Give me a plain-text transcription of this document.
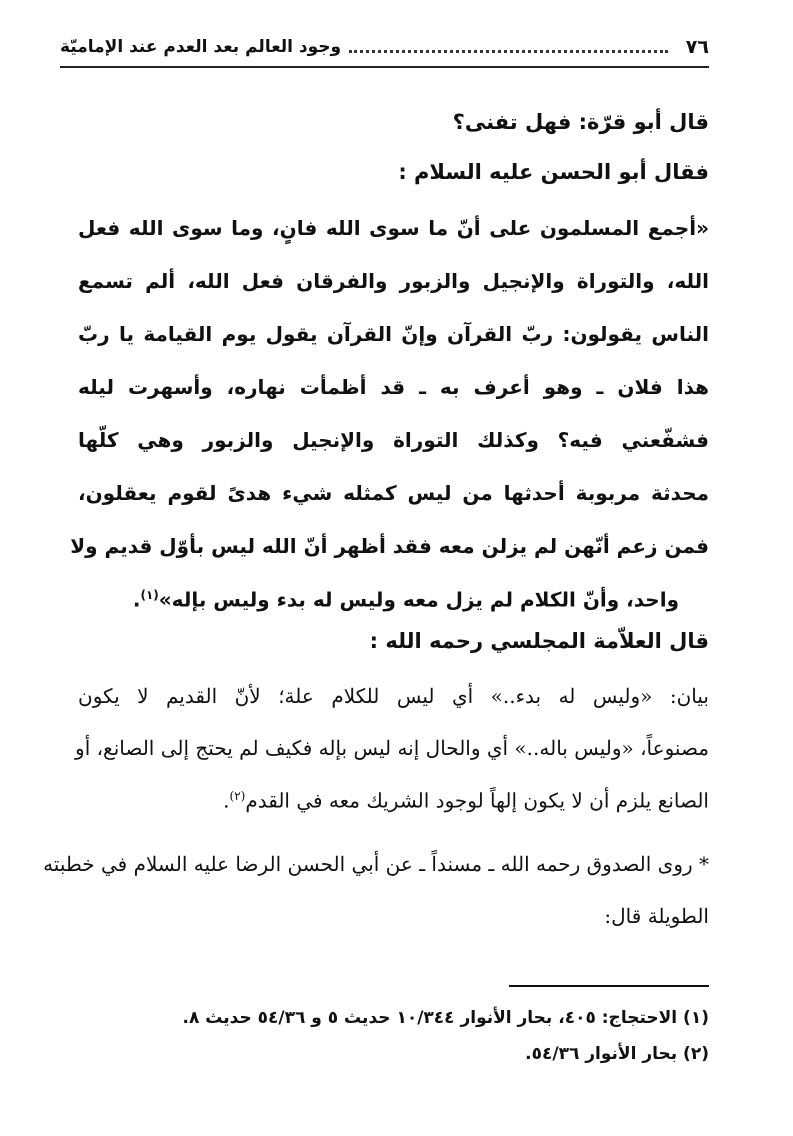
٧٦
وجود العالم بعد العدم عند الإماميّة
قال أبو قرّة: فهل تفنى؟
فقال أبو الحسن عليه السلام :
«أجمع المسلمون على أنّ ما سوى الله فانٍ، وما سوى الله فعل
الله، والتوراة والإنجيل والزبور والفرقان فعل الله، ألم تسمع
الناس يقولون: ربّ القرآن وإنّ القرآن يقول يوم القيامة يا ربّ
هذا فلان ـ وهو أعرف به ـ قد أظمأت نهاره، وأسهرت ليله
فشفّعني فيه؟ وكذلك التوراة والإنجيل والزبور وهي كلّها
محدثة مربوبة أحدثها من ليس كمثله شيء هدىً لقوم يعقلون،
فمن زعم أنّهن لم يزلن معه فقد أظهر أنّ الله ليس بأوّل قديم ولا
واحد، وأنّ الكلام لم يزل معه وليس له بدء وليس بإله»$^{(١)}$.
قال العلاّمة المجلسي رحمه الله :
بيان: «وليس له بدء..» أي ليس للكلام علة؛ لأنّ القديم لا يكون
مصنوعاً، «وليس باله..» أي والحال إنه ليس بإله فكيف لم يحتج إلى الصانع، أو
الصانع يلزم أن لا يكون إلهاً لوجود الشريك معه في القدم$^{(٢)}$.
* روى الصدوق رحمه الله ـ مسنداً ـ عن أبي الحسن الرضا عليه السلام في خطبته
الطويلة قال:
(١) الاحتجاج: ٤٠٥، بحار الأنوار ١٠/٣٤٤ حديث ٥ و ٥٤/٣٦ حديث ٨.
(٢) بحار الأنوار ٥٤/٣٦.
